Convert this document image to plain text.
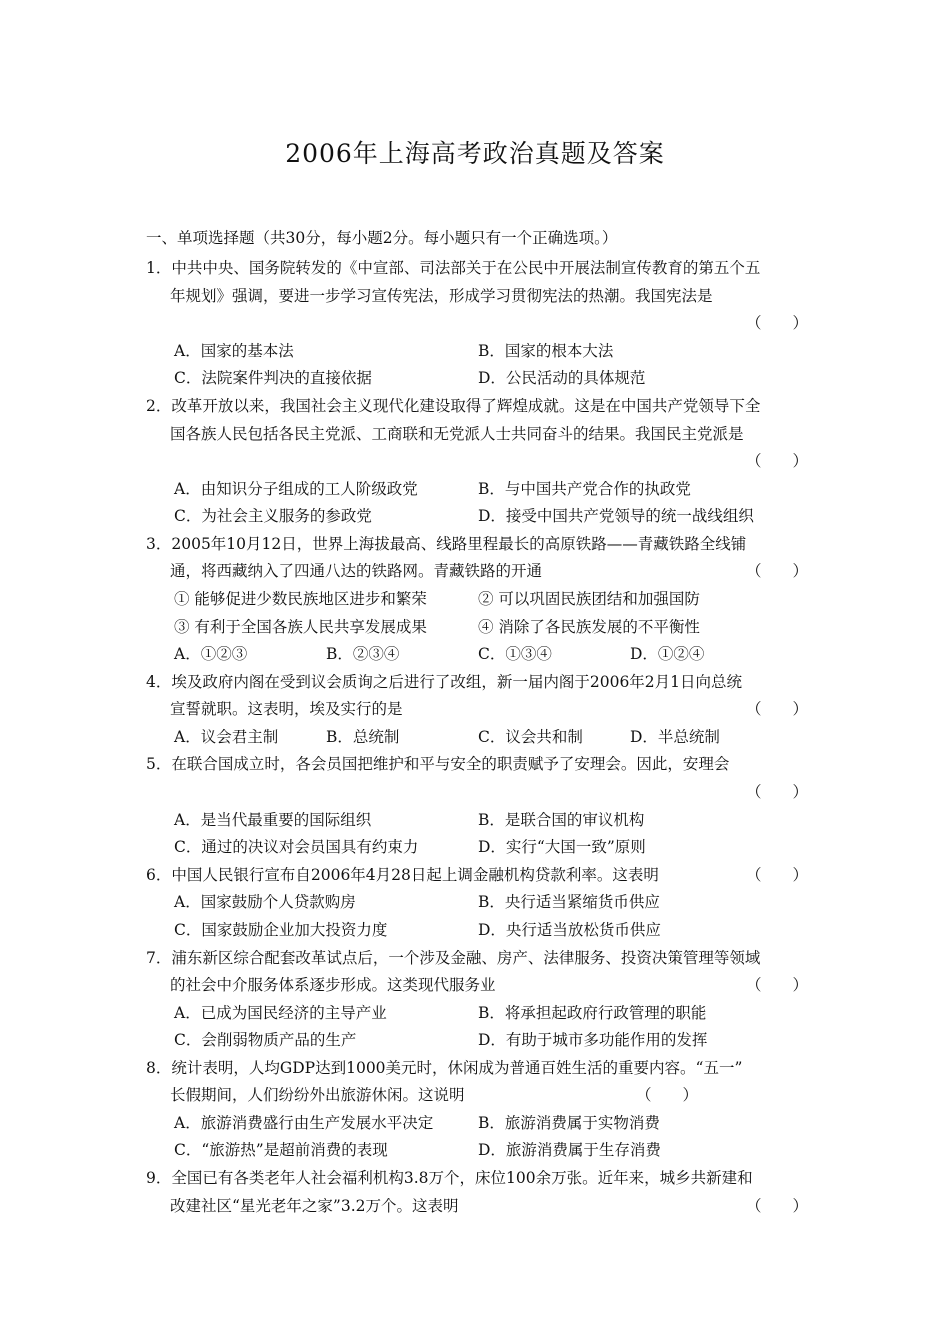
2006年上海高考政治真题及答案
一、单项选择题（共30分，每小题2分。每小题只有一个正确选项。）
1．中共中央、国务院转发的《中宣部、司法部关于在公民中开展法制宣传教育的第五个五
年规划》强调，要进一步学习宣传宪法，形成学习贯彻宪法的热潮。我国宪法是
（　　）
A．国家的基本法	B．国家的根本大法
C．法院案件判决的直接依据	D．公民活动的具体规范
2．改革开放以来，我国社会主义现代化建设取得了辉煌成就。这是在中国共产党领导下全
国各族人民包括各民主党派、工商联和无党派人士共同奋斗的结果。我国民主党派是
（　　）
A．由知识分子组成的工人阶级政党	B．与中国共产党合作的执政党
C．为社会主义服务的参政党	D．接受中国共产党领导的统一战线组织
3．2005年10月12日，世界上海拔最高、线路里程最长的高原铁路——青藏铁路全线铺
通，将西藏纳入了四通八达的铁路网。青藏铁路的开通	（　　）
① 能够促进少数民族地区进步和繁荣	② 可以巩固民族团结和加强国防
③ 有利于全国各族人民共享发展成果	④ 消除了各民族发展的不平衡性
A．①②③	B．②③④	C．①③④	D．①②④
4．埃及政府内阁在受到议会质询之后进行了改组，新一届内阁于2006年2月1日向总统
宣誓就职。这表明，埃及实行的是	（　　）
A．议会君主制	B．总统制	C．议会共和制	D．半总统制
5．在联合国成立时，各会员国把维护和平与安全的职责赋予了安理会。因此，安理会
（　　）
A．是当代最重要的国际组织	B．是联合国的审议机构
C．通过的决议对会员国具有约束力	D．实行“大国一致”原则
6．中国人民银行宣布自2006年4月28日起上调金融机构贷款利率。这表明	（　　）
A．国家鼓励个人贷款购房	B．央行适当紧缩货币供应
C．国家鼓励企业加大投资力度	D．央行适当放松货币供应
7．浦东新区综合配套改革试点后，一个涉及金融、房产、法律服务、投资决策管理等领域
的社会中介服务体系逐步形成。这类现代服务业	（　　）
A．已成为国民经济的主导产业	B．将承担起政府行政管理的职能
C．会削弱物质产品的生产	D．有助于城市多功能作用的发挥
8．统计表明，人均GDP达到1000美元时，休闲成为普通百姓生活的重要内容。“五一”
长假期间，人们纷纷外出旅游休闲。这说明	（　　）
A．旅游消费盛行由生产发展水平决定	B．旅游消费属于实物消费
C．“旅游热”是超前消费的表现	D．旅游消费属于生存消费
9．全国已有各类老年人社会福利机构3.8万个，床位100余万张。近年来，城乡共新建和
改建社区“星光老年之家”3.2万个。这表明	（　　）
